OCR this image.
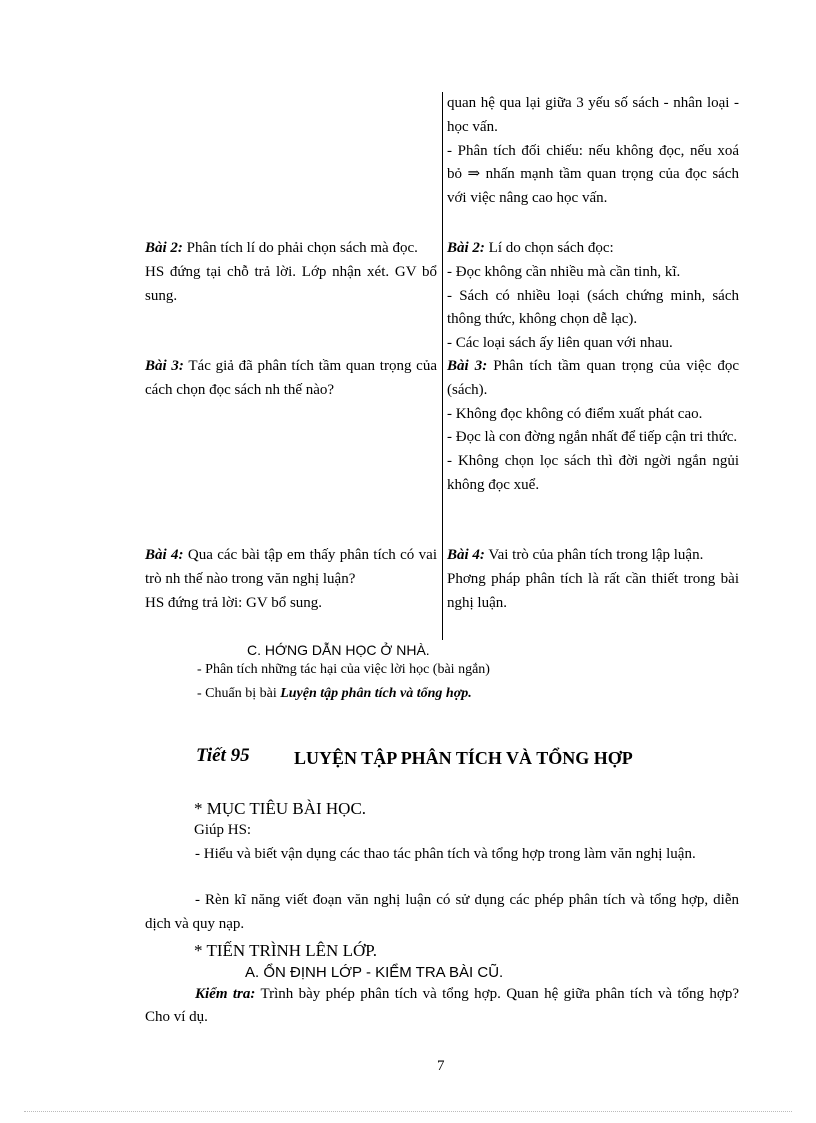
quan hệ qua lại giữa 3 yếu số sách - nhân loại - học vấn.

- Phân tích đối chiếu: nếu không đọc, nếu xoá bỏ ⇒ nhấn mạnh tầm quan trọng của đọc sách với việc nâng cao học vấn.

Bài 2: Phân tích lí do phải chọn sách mà đọc.

HS đứng tại chỗ trả lời. Lớp nhận xét. GV bổ sung.

Bài 2: Lí do chọn sách đọc:

- Đọc không cần nhiều mà cần tinh, kĩ.

- Sách có nhiều loại (sách chứng minh, sách thông thức, không chọn dễ lạc).

- Các loại sách ấy liên quan với nhau.

Bài 3: Tác giả đã phân tích tầm quan trọng của cách chọn đọc sách nh thế nào?

Bài 3: Phân tích tầm quan trọng của việc đọc (sách).

- Không đọc không có điểm xuất phát cao.

- Đọc là con đờng ngắn nhất để tiếp cận tri thức.

- Không chọn lọc sách thì đời ngời ngắn ngủi không đọc xuể.

Bài 4: Qua các bài tập em thấy phân tích có vai trò nh thế nào trong văn nghị luận?

HS đứng trả lời: GV bổ sung.

Bài 4: Vai trò của phân tích trong lập luận.

Phơng pháp phân tích là rất cần thiết trong bài nghị luận.

C. HỚNG DẪN HỌC Ở NHÀ.
- Phân tích những tác hại của việc lời học (bài ngắn)
- Chuẩn bị bài Luyện tập phân tích và tổng hợp.
Tiết 95 LUYỆN TẬP PHÂN TÍCH VÀ TỔNG HỢP
* MỤC TIÊU BÀI HỌC.
Giúp HS:
- Hiểu và biết vận dụng các thao tác phân tích và tổng hợp trong làm văn nghị luận.
- Rèn kĩ năng viết đoạn văn nghị luận có sử dụng các phép phân tích và tổng hợp, diễn dịch và quy nạp.
* TIẾN TRÌNH LÊN LỚP.
A. ỔN ĐỊNH LỚP - KIỂM TRA BÀI CŨ.
Kiểm tra: Trình bày phép phân tích và tổng hợp. Quan hệ giữa phân tích và tổng hợp? Cho ví dụ.
7
